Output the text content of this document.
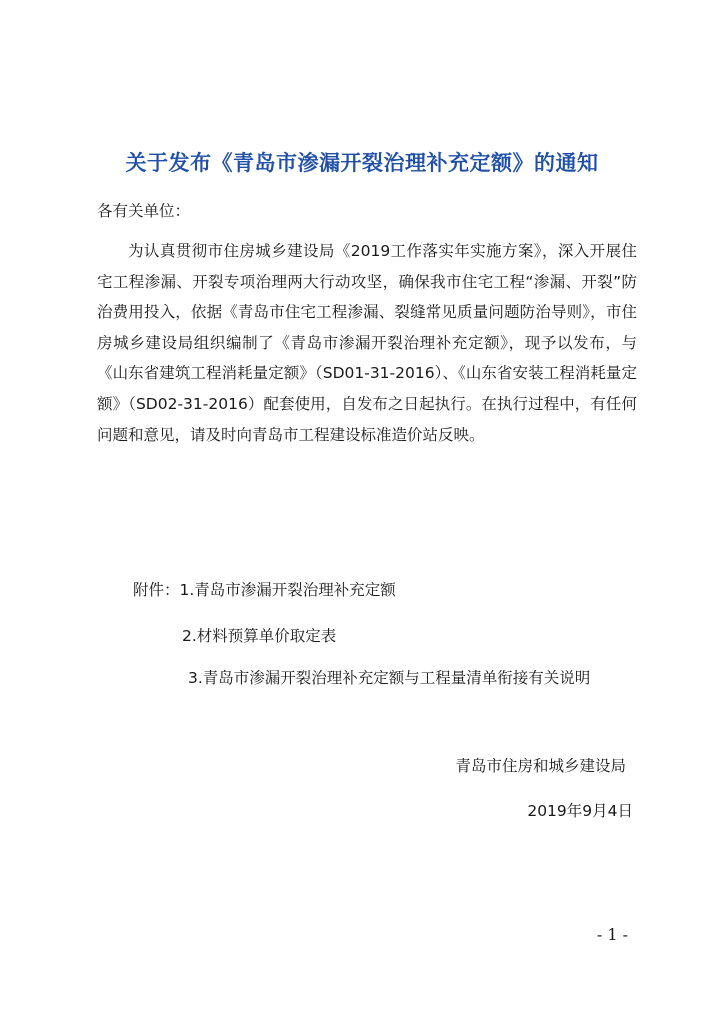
关于发布《青岛市渗漏开裂治理补充定额》的通知
各有关单位：
为认真贯彻市住房城乡建设局《2019工作落实年实施方案》，深入开展住宅工程渗漏、开裂专项治理两大行动攻坚，确保我市住宅工程“渗漏、开裂”防治费用投入，依据《青岛市住宅工程渗漏、裂缝常见质量问题防治导则》，市住房城乡建设局组织编制了《青岛市渗漏开裂治理补充定额》，现予以发布，与《山东省建筑工程消耗量定额》（SD01-31-2016）、《山东省安装工程消耗量定额》（SD02-31-2016）配套使用，自发布之日起执行。在执行过程中，有任何问题和意见，请及时向青岛市工程建设标准造价站反映。
附件：1.青岛市渗漏开裂治理补充定额
2.材料预算单价取定表
3.青岛市渗漏开裂治理补充定额与工程量清单衔接有关说明
青岛市住房和城乡建设局
2019年9月4日
- 1 -
